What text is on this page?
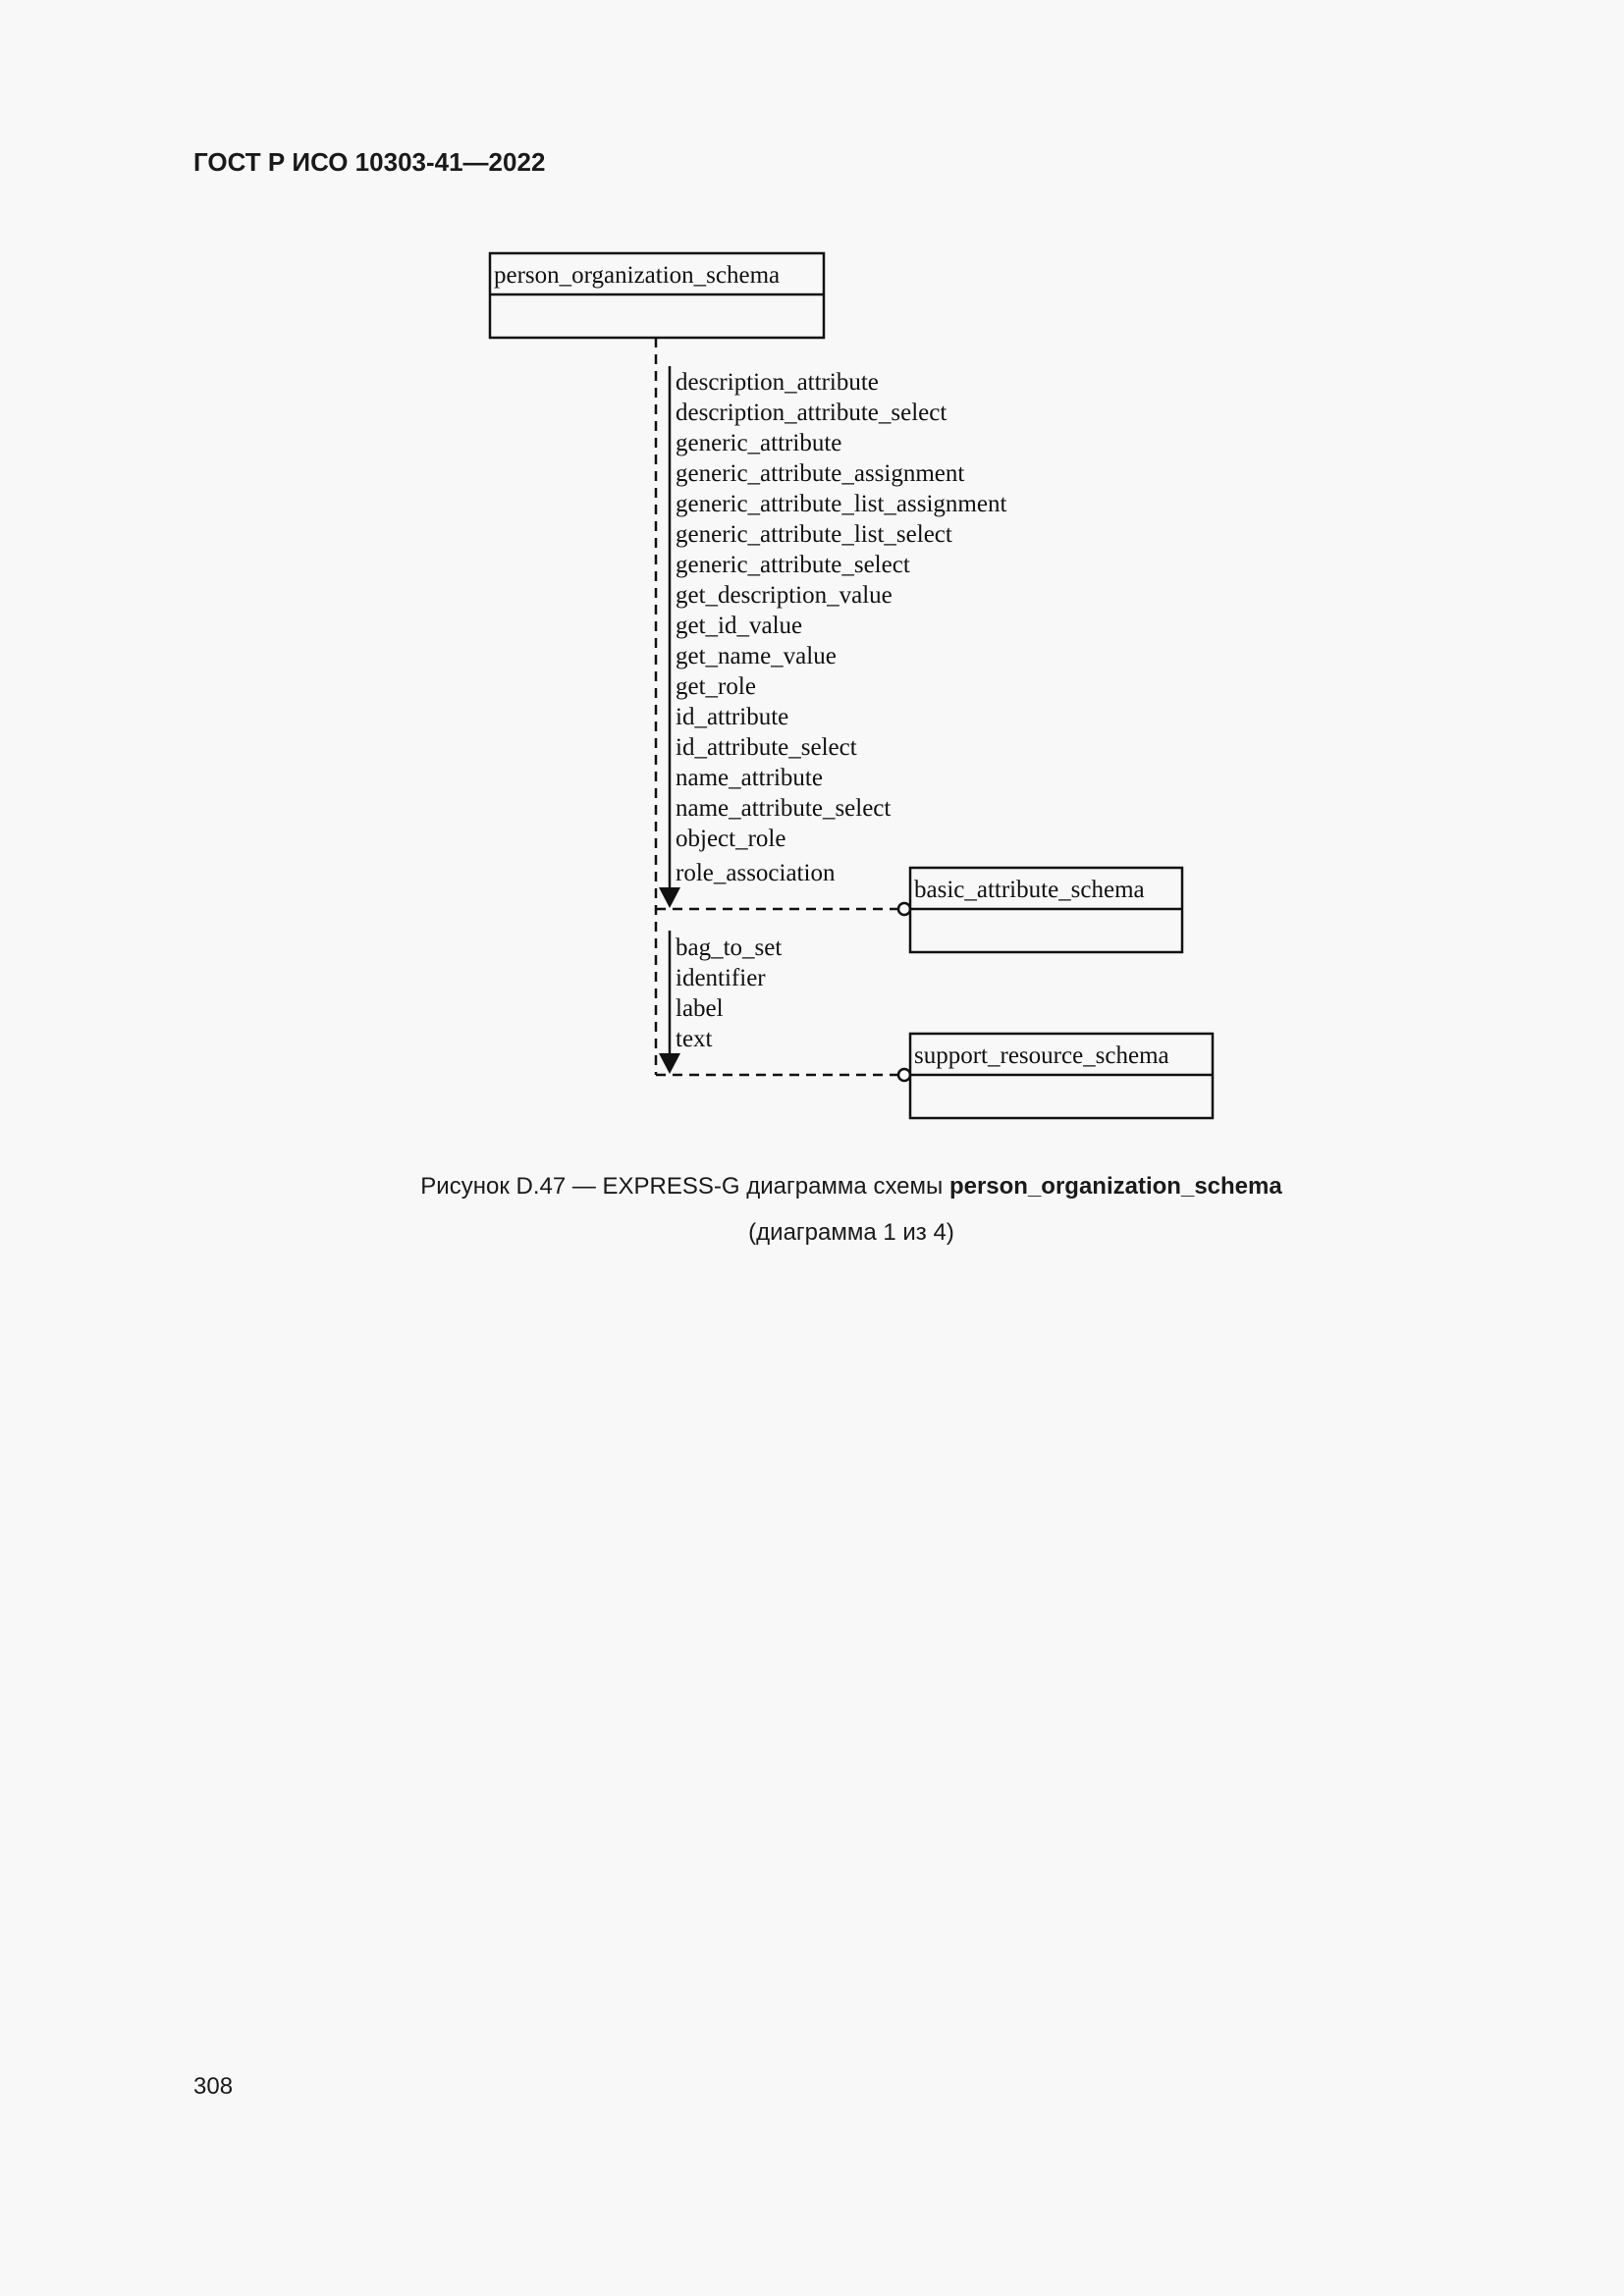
ГОСТ Р ИСО 10303-41—2022
person_organization_schema
description_attribute
description_attribute_select
generic_attribute
generic_attribute_assignment
generic_attribute_list_assignment
generic_attribute_list_select
generic_attribute_select
get_description_value
get_id_value
get_name_value
get_role
id_attribute
id_attribute_select
name_attribute
name_attribute_select
object_role
role_association
basic_attribute_schema
bag_to_set
identifier
label
text
support_resource_schema
Рисунок D.47 — EXPRESS-G диаграмма схемы person_organization_schema
(диаграмма 1 из 4)
308
